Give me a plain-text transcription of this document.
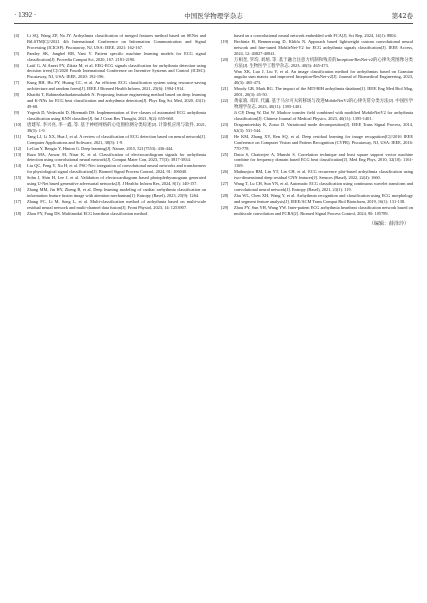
· 1392 ·	中国医学物理学杂志	第42卷
[4]	Li SQ, Wang ZP, Na JY. Arrhythmia classification of merged features method based on SENet and BiLSTM[C]//2021 4th International Conference on Information Communication and Signal Processing (ICICSP). Piscataway, NJ, USA: IEEE, 2021: 162-167.
[5]	Pandey SK, Janghel RR, Vani V. Patient specific machine learning models for ECG signal classification[J]. Procedia Comput Sci, 2020, 167: 2181-2190.
[6]	Latif G, Al Anezi FY, Zikria M, et al. EEG-ECG signals classification for arrhythmia detection using decision trees[C]//2020 Fourth International Conference on Inventive Systems and Control (ICISC). Piscataway, NJ, USA: IEEE, 2020: 192-196.
[7]	Kung BH, Hu PY, Huang CC, et al. An efficient ECG classification system using resource-saving architecture and random forest[J]. IEEE J Biomed Health Inform, 2021, 25(6): 1904-1914.
[8]	Khatibi T, Rabinezhadsadatmahaleh N. Proposing feature engineering method based on deep learning and K-NNs for ECG beat classification and arrhythmia detection[J]. Phys Eng Sci Med, 2020, 43(1): 49-68.
[9]	Yogesh D, Vedavathi D, Hiremath DS. Implementation of five classes of automated ECG arrhythmia classification using KNN classifier[J]. Int J Creat Res Thought, 2021, 9(2): 655-660.
[10]	唐建军, 李兴亮, 李一鑫, 等. 基于神经网络的心电图检测分类综述[J]. 计算机应用与软件, 2021, 38(5): 1-9.
[11]	Tang LJ, Li XX, Hua J, et al. A review of classification of ECG detection based on neural network[J]. Computer Applications and Software, 2021, 38(5): 1-9.
[12]	LeCun Y, Bengio Y, Hinton G. Deep learning[J]. Nature, 2015, 521(7553): 436-444.
[13]	Raza MA, Anwar M, Nisar K, et al. Classification of electrocardiogram signals for arrhythmia detection using convolutional neural network[J]. Comput Mater Con, 2023, 77(3): 3817-3834.
[14]	Liu QC, Feng Y, Xu H, et al. PSC-Net: integration of convolutional neural networks and transformers for physiological signal classification[J]. Biomed Signal Process Control, 2024, 91: 106040.
[15]	Sohn J, Shin H, Lee J, et al. Validation of electrocardiogram based photoplethysmogram generated using U-Net based generative adversarial networks[J]. J Healthc Inform Res, 2024, 8(1): 140-157.
[16]	Zhang MM, Jin HY, Zheng B, et al. Deep learning modeling of cardiac arrhythmia classification on information feature fusion image with attention mechanism[J]. Entropy (Basel), 2023, 25(9): 1264.
[17]	Zhang FC, Li M, Song L, et al. Multi-classification method of arrhythmia based on multi-scale residual neural network and multi-channel data fusion[J]. Front Physiol, 2023, 14: 1253907.
[18]	Zhou FY, Fang DS. Multimodal ECG heartbeat classification method
based on a convolutional neural network embedded with FCA[J]. Sci Rep, 2024, 14(1): 8804.
[19]	Bechinia H, Benmerzoug D, Khlifa N. Approach based lightweight custom convolutional neural network and fine-tuned MobileNet-V2 for ECG arrhythmia signals classification[J]. IEEE Access, 2024, 12: 40827-40841.
[20]	万相奎, 罗均, 刘炳, 等. 基于融合注意力机制和残差的Inception-ResNet-v2的心律失常图像分类方法[J]. 生物医学工程学杂志, 2023, 40(3): 465-473.
Wan XK, Luo J, Liu Y, et al. An image classification method for arrhythmias based on Gramian angular sum matrix and improved Inception-ResNet-v2[J]. Journal of Biomedical Engineering, 2023, 40(3): 465-473.
[21]	Moody GB, Mark RG. The impact of the MIT-BIH arrhythmia database[J]. IEEE Eng Med Biol Mag, 2001, 20(3): 45-50.
[22]	黄家驹, 邓洋, 代巍. 基于马尔可夫转移场与改进MobileNetV2的心律失常分类方法[J]. 中国医学物理学杂志, 2023, 40(11): 1395-1401.
Ji CP, Deng W, Dai W. Markov transfer field combined with modified MobileNetV2 for arrhythmia classification[J]. Chinese Journal of Medical Physics, 2023, 40(11): 1395-1401.
[23]	Dragomiretskiy K, Zosso D. Variational mode decomposition[J]. IEEE Trans Signal Process, 2014, 62(3): 531-544.
[24]	He KM, Zhang XY, Ren SQ, et al. Deep residual learning for image recognition[C]//2016 IEEE Conference on Computer Vision and Pattern Recognition (CVPR). Piscataway, NJ, USA: IEEE, 2016: 770-778.
[25]	Dutta S, Chatterjee A, Munshi S. Correlation technique and least square support vector machine combine for frequency domain based ECG beat classification[J]. Med Eng Phys, 2010, 32(10): 1161-1169.
[26]	Mathunjwa BM, Lin YT, Lin CH, et al. ECG recurrence plot-based arrhythmia classification using two-dimensional deep residual CNN features[J]. Sensors (Basel), 2022, 22(4): 1660.
[27]	Wang T, Lu CH, Sun YN, et al. Automatic ECG classification using continuous wavelet transform and convolutional neural network[J]. Entropy (Basel), 2021, 23(1): 119.
[28]	Zhu WL, Chen XH, Wang Y, et al. Arrhythmia recognition and classification using ECG morphology and segment feature analysis[J]. IEEE/ACM Trans Comput Biol Bioinform, 2019, 16(1): 131-138.
[29]	Zhou FY, Sun YH, Wang YW. Inter-patient ECG arrhythmia heartbeat classification network based on multiscale convolution and FCBA[J]. Biomed Signal Process Control, 2024, 90: 105789.
（编辑：薛泽玲）
